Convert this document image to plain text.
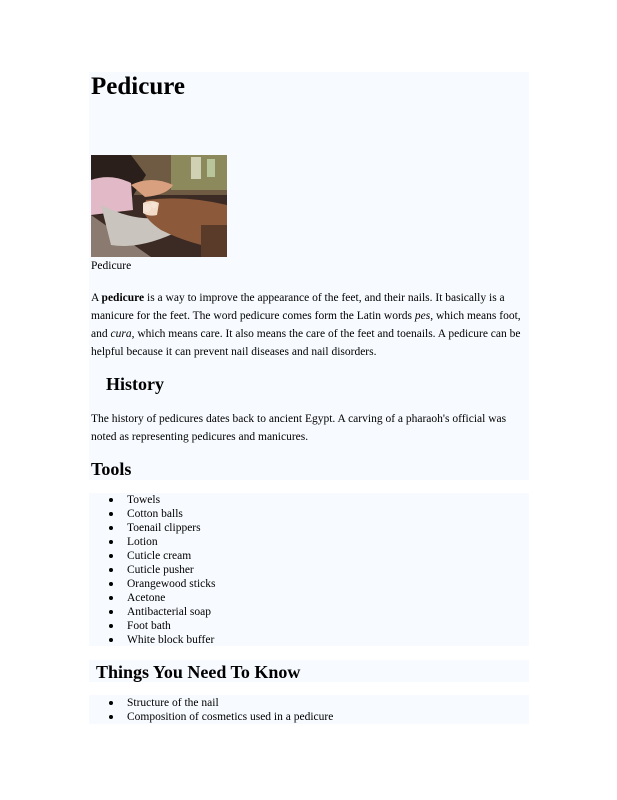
Pedicure
Pedicure

A pedicure is a way to improve the appearance of the feet, and their nails. It basically is a manicure for the feet. The word pedicure comes form the Latin words pes, which means foot, and cura, which means care. It also means the care of the feet and toenails. A pedicure can be helpful because it can prevent nail diseases and nail disorders.

History

The history of pedicures dates back to ancient Egypt. A carving of a pharaoh's official was noted as representing pedicures and manicures.

Tools
Towels
Cotton balls
Toenail clippers
Lotion
Cuticle cream
Cuticle pusher
Orangewood sticks
Acetone
Antibacterial soap
Foot bath
White block buffer
Things You Need To Know
Structure of the nail
Composition of cosmetics used in a pedicure
